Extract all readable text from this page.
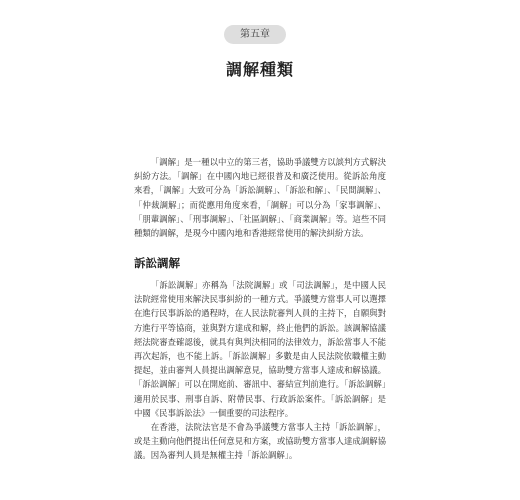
第五章
調解種類

「調解」是一種以中立的第三者，協助爭議雙方以談判方式解決糾紛方法。「調解」在中國內地已經很普及和廣泛使用。從訴訟角度來看，「調解」大致可分為「訴訟調解」、「訴訟和解」、「民間調解」、「仲裁調解」；而從應用角度來看，「調解」可以分為「家事調解」、「朋輩調解」、「刑事調解」、「社區調解」、「商業調解」等。這些不同種類的調解，是現今中國內地和香港經常使用的解決糾紛方法。

訴訟調解

「訴訟調解」亦稱為「法院調解」或「司法調解」，是中國人民法院經常使用來解決民事糾紛的一種方式。爭議雙方當事人可以選擇在進行民事訴訟的過程時，在人民法院審判人員的主持下，自願與對方進行平等協商，並與對方達成和解，終止他們的訴訟。該調解協議經法院審查確認後，就具有與判決相同的法律效力，訴訟當事人不能再次起訴，也不能上訴。「訴訟調解」多數是由人民法院依職權主動提起，並由審判人員提出調解意見，協助雙方當事人達成和解協議。「訴訟調解」可以在開庭前、審訊中、審結宣判前進行。「訴訟調解」適用於民事、刑事自訴、附帶民事、行政訴訟案件。「訴訟調解」是中國《民事訴訟法》一個重要的司法程序。

在香港，法院法官是不會為爭議雙方當事人主持「訴訟調解」，或是主動向他們提出任何意見和方案，或協助雙方當事人達成調解協議。因為審判人員是無權主持「訴訟調解」。
